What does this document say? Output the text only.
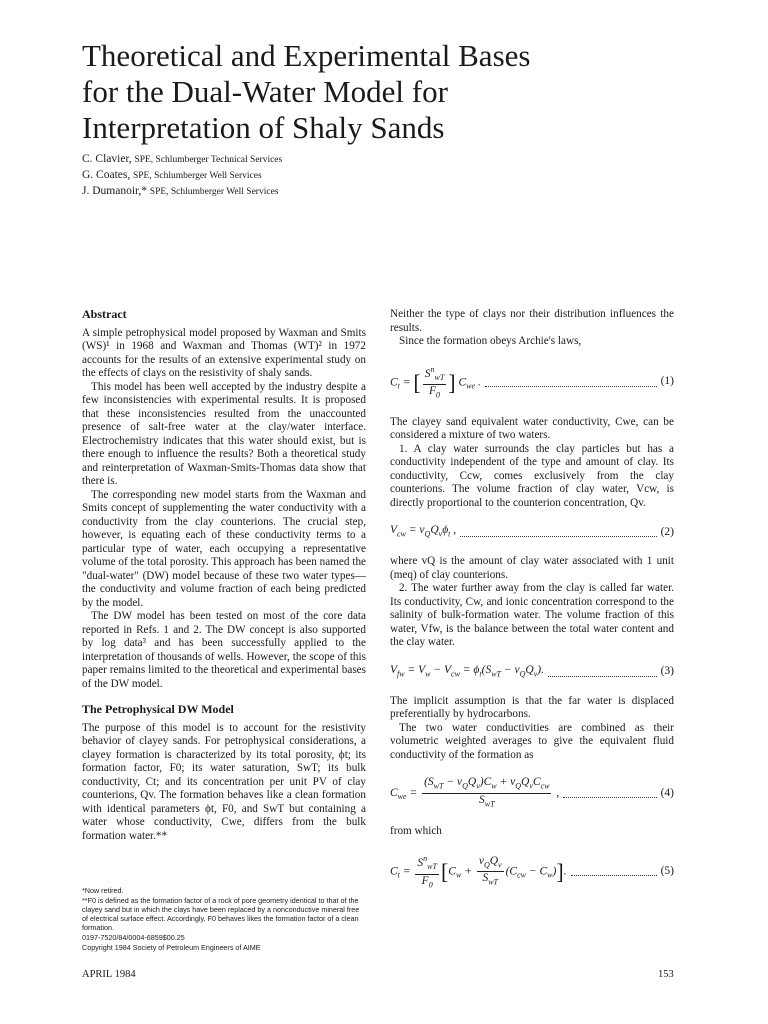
Theoretical and Experimental Bases
for the Dual-Water Model for
Interpretation of Shaly Sands
C. Clavier, SPE, Schlumberger Technical Services
G. Coates, SPE, Schlumberger Well Services
J. Dumanoir,* SPE, Schlumberger Well Services
Abstract

A simple petrophysical model proposed by Waxman and Smits (WS)¹ in 1968 and Waxman and Thomas (WT)² in 1972 accounts for the results of an extensive experimental study on the effects of clays on the resistivity of shaly sands.

This model has been well accepted by the industry despite a few inconsistencies with experimental results. It is proposed that these inconsistencies resulted from the unaccounted presence of salt-free water at the clay/water interface. Electrochemistry indicates that this water should exist, but is there enough to influence the results? Both a theoretical study and reinterpretation of Waxman-Smits-Thomas data show that there is.

The corresponding new model starts from the Waxman and Smits concept of supplementing the water conductivity with a conductivity from the clay counterions. The crucial step, however, is equating each of these conductivity terms to a particular type of water, each occupying a representative volume of the total porosity. This approach has been named the "dual-water" (DW) model because of these two water types—the conductivity and volume fraction of each being predicted by the model.

The DW model has been tested on most of the core data reported in Refs. 1 and 2. The DW concept is also supported by log data³ and has been successfully applied to the interpretation of thousands of wells. However, the scope of this paper remains limited to the theoretical and experimental bases of the DW model.

The Petrophysical DW Model

The purpose of this model is to account for the resistivity behavior of clayey sands. For petrophysical considerations, a clayey formation is characterized by its total porosity, ϕt; its formation factor, F0; its water saturation, SwT; its bulk conductivity, Ct; and its concentration per unit PV of clay counterions, Qv. The formation behaves like a clean formation with identical parameters ϕt, F0, and SwT but containing a water whose conductivity, Cwe, differs from the bulk formation water.**

Neither the type of clays nor their distribution influences the results.

Since the formation obeys Archie's laws,

$C_t$ = [ $\frac{S^n_{wT}}{F_0}$ ] $C_{we}$ .	(1)

The clayey sand equivalent water conductivity, Cwe, can be considered a mixture of two waters.

1. A clay water surrounds the clay particles but has a conductivity independent of the type and amount of clay. Its conductivity, Ccw, comes exclusively from the clay counterions. The volume fraction of clay water, Vcw, is directly proportional to the counterion concentration, Qv.

$V_{cw} = v_QQ_v\phi_t$ ,	(2)

where vQ is the amount of clay water associated with 1 unit (meq) of clay counterions.

2. The water further away from the clay is called far water. Its conductivity, Cw, and ionic concentration correspond to the salinity of bulk-formation water. The volume fraction of this water, Vfw, is the balance between the total water content and the clay water.

$V_{fw} = V_w - V_{cw} = \phi_t(S_{wT} - v_QQ_v)$.	(3)

The implicit assumption is that the far water is displaced preferentially by hydrocarbons.

The two water conductivities are combined as their volumetric weighted averages to give the equivalent fluid conductivity of the formation as

$C_{we} = \frac{(S_{wT} - v_QQ_v)C_w + v_QQ_vC_{cw}}{S_{wT}}$ ,	(4)

from which

$C_t = \frac{S^n_{wT}}{F_0} [C_w + \frac{v_QQ_v}{S_{wT}} (C_{cw} - C_w)]$.	(5)
*Now retired.
**F0 is defined as the formation factor of a rock of pore geometry identical to that of the clayey sand but in which the clays have been replaced by a nonconductive mineral free of electrical surface effect. Accordingly, F0 behaves likes the formation factor of a clean formation.
0197-7520/84/0004-6859$00.25
Copyright 1984 Society of Petroleum Engineers of AIME
APRIL 1984	153
